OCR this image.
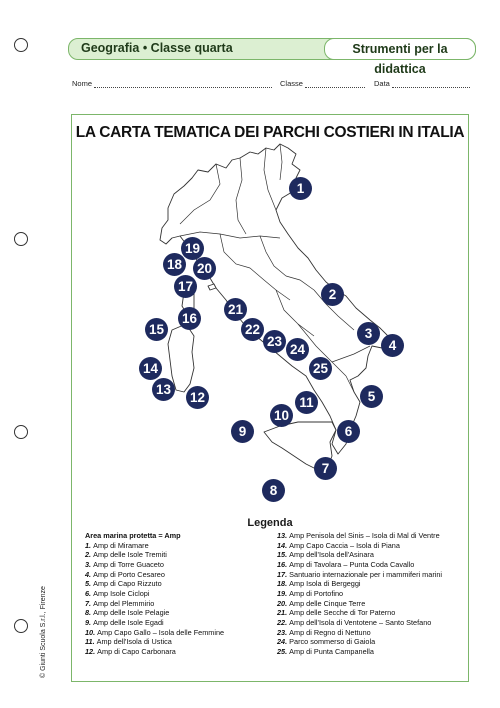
Geografia • Classe quarta	Strumenti per la didattica
Nome	Classe	Data
LA CARTA TEMATICA DEI PARCHI COSTIERI IN ITALIA
1
2
3
4
5
6
7
8
9
10
11
12
13
14
15
16
17
18
19
20
21
22
23
24
25
Legenda
Area marina protetta = Amp
1. Amp di Miramare
2. Amp delle Isole Tremiti
3. Amp di Torre Guaceto
4. Amp di Porto Cesareo
5. Amp di Capo Rizzuto
6. Amp Isole Ciclopi
7. Amp del Plemmirio
8. Amp delle Isole Pelagie
9. Amp delle Isole Egadi
10. Amp Capo Gallo – Isola delle Femmine
11. Amp dell'Isola di Ustica
12. Amp di Capo Carbonara
13. Amp Penisola del Sinis – Isola di Mal di Ventre
14. Amp Capo Caccia – Isola di Piana
15. Amp dell'Isola dell'Asinara
16. Amp di Tavolara – Punta Coda Cavallo
17. Santuario internazionale per i mammiferi marini
18. Amp Isola di Bergeggi
19. Amp di Portofino
20. Amp delle Cinque Terre
21. Amp delle Secche di Tor Paterno
22. Amp dell'Isola di Ventotene – Santo Stefano
23. Amp di Regno di Nettuno
24. Parco sommerso di Gaiola
25. Amp di Punta Campanella
© Giunti Scuola S.r.l., Firenze
